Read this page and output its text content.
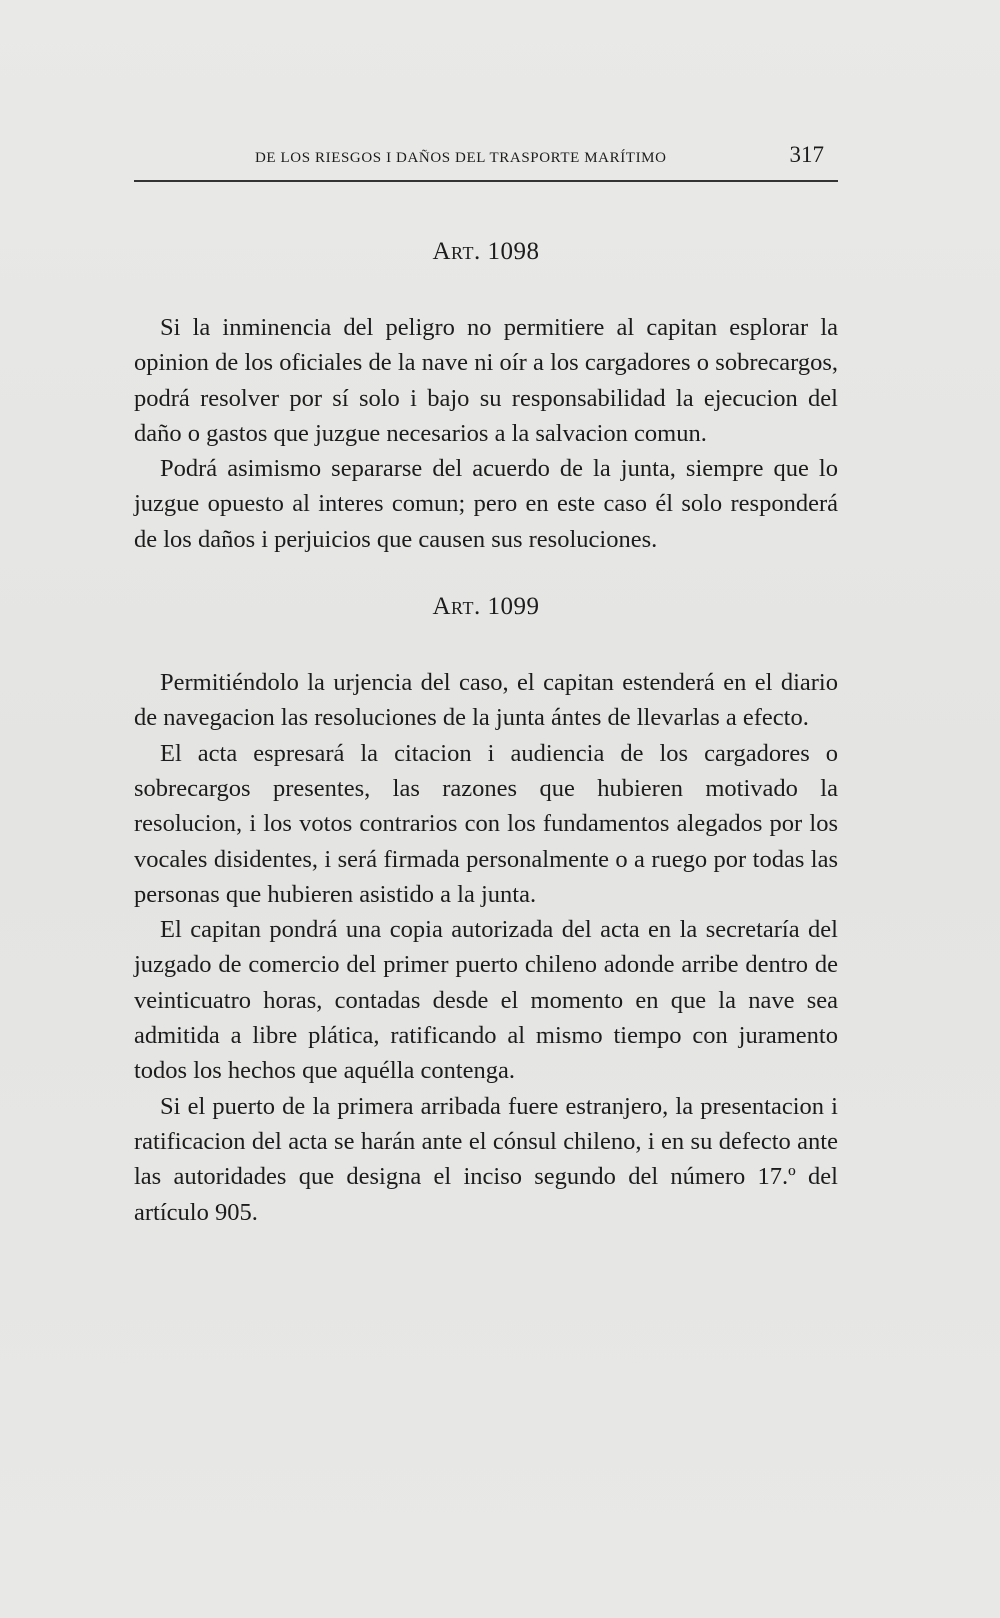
DE LOS RIESGOS I DAÑOS DEL TRASPORTE MARÍTIMO	317
Art. 1098

Si la inminencia del peligro no permitiere al capitan esplorar la opinion de los oficiales de la nave ni oír a los cargadores o sobrecargos, podrá resolver por sí solo i bajo su responsabilidad la ejecucion del daño o gastos que juzgue necesarios a la salvacion comun.

Podrá asimismo separarse del acuerdo de la junta, siempre que lo juzgue opuesto al interes comun; pero en este caso él solo responderá de los daños i perjuicios que causen sus resoluciones.

Art. 1099

Permitiéndolo la urjencia del caso, el capitan estenderá en el diario de navegacion las resoluciones de la junta ántes de llevarlas a efecto.

El acta espresará la citacion i audiencia de los cargadores o sobrecargos presentes, las razones que hubieren motivado la resolucion, i los votos contrarios con los fundamentos alegados por los vocales disidentes, i será firmada personalmente o a ruego por todas las personas que hubieren asistido a la junta.

El capitan pondrá una copia autorizada del acta en la secretaría del juzgado de comercio del primer puerto chileno adonde arribe dentro de veinticuatro horas, contadas desde el momento en que la nave sea admitida a libre plática, ratificando al mismo tiempo con juramento todos los hechos que aquélla contenga.

Si el puerto de la primera arribada fuere estranjero, la presentacion i ratificacion del acta se harán ante el cónsul chileno, i en su defecto ante las autoridades que designa el inciso segundo del número 17.º del artículo 905.
